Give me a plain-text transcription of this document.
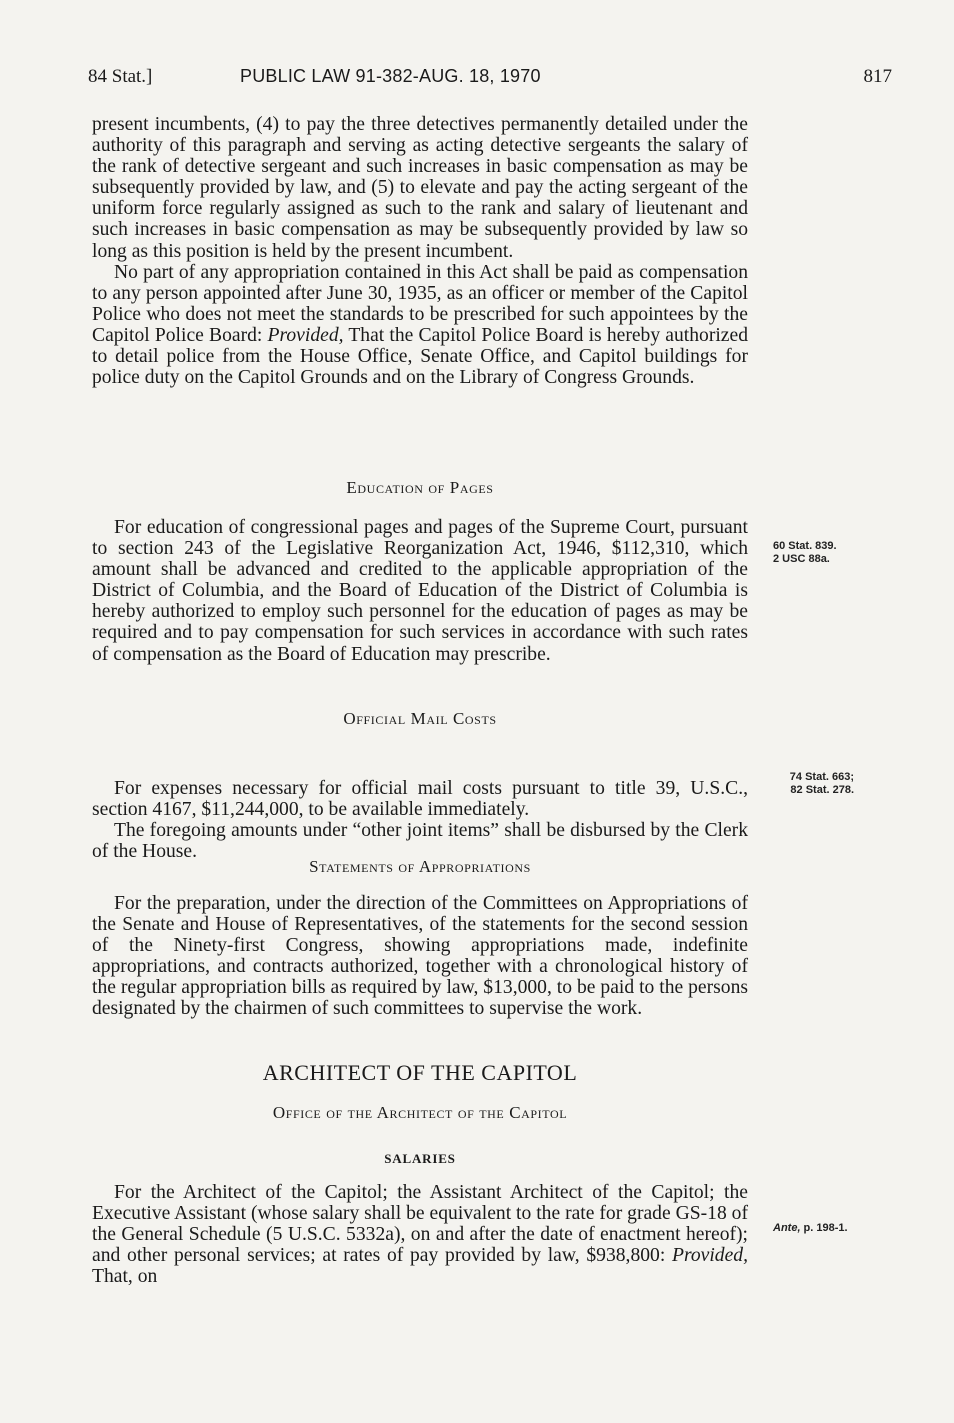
84 Stat.]	PUBLIC LAW 91-382-AUG. 18, 1970	817

present incumbents, (4) to pay the three detectives permanently detailed under the authority of this paragraph and serving as acting detective sergeants the salary of the rank of detective sergeant and such increases in basic compensation as may be subsequently provided by law, and (5) to elevate and pay the acting sergeant of the uniform force regularly assigned as such to the rank and salary of lieutenant and such increases in basic compensation as may be subsequently provided by law so long as this position is held by the present incumbent.

No part of any appropriation contained in this Act shall be paid as compensation to any person appointed after June 30, 1935, as an officer or member of the Capitol Police who does not meet the standards to be prescribed for such appointees by the Capitol Police Board: Provided, That the Capitol Police Board is hereby authorized to detail police from the House Office, Senate Office, and Capitol buildings for police duty on the Capitol Grounds and on the Library of Congress Grounds.

Education of Pages

For education of congressional pages and pages of the Supreme Court, pursuant to section 243 of the Legislative Reorganization Act, 1946, $112,310, which amount shall be advanced and credited to the applicable appropriation of the District of Columbia, and the Board of Education of the District of Columbia is hereby authorized to employ such personnel for the education of pages as may be required and to pay compensation for such services in accordance with such rates of compensation as the Board of Education may prescribe.

Official Mail Costs

For expenses necessary for official mail costs pursuant to title 39, U.S.C., section 4167, $11,244,000, to be available immediately.

The foregoing amounts under “other joint items” shall be disbursed by the Clerk of the House.

Statements of Appropriations

For the preparation, under the direction of the Committees on Appropriations of the Senate and House of Representatives, of the statements for the second session of the Ninety-first Congress, showing appropriations made, indefinite appropriations, and contracts authorized, together with a chronological history of the regular appropriation bills as required by law, $13,000, to be paid to the persons designated by the chairmen of such committees to supervise the work.

ARCHITECT OF THE CAPITOL

Office of the Architect of the Capitol

SALARIES

For the Architect of the Capitol; the Assistant Architect of the Capitol; the Executive Assistant (whose salary shall be equivalent to the rate for grade GS-18 of the General Schedule (5 U.S.C. 5332a), on and after the date of enactment hereof); and other personal services; at rates of pay provided by law, $938,800: Provided, That, on

60 Stat. 839.
2 USC 88a.
74 Stat. 663;
82 Stat. 278.
Ante, p. 198-1.
